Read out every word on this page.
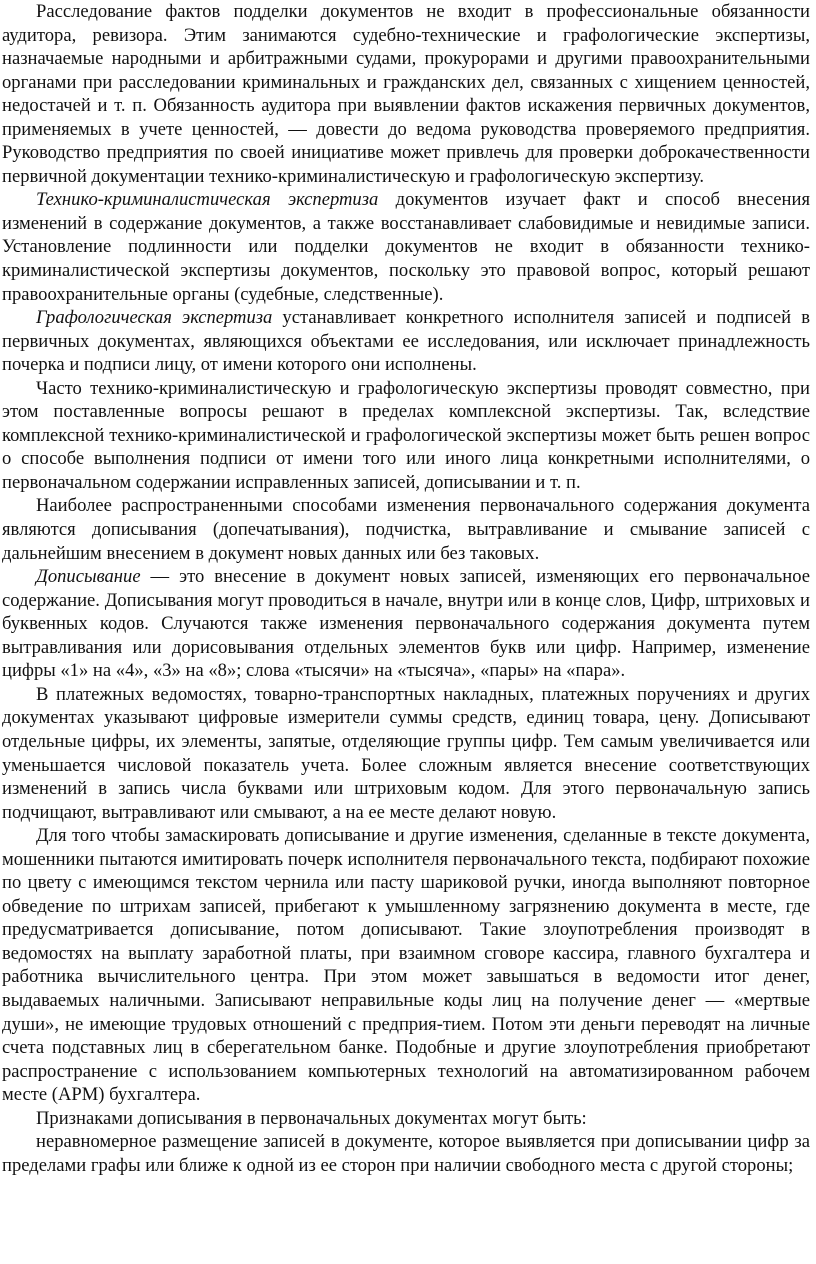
Расследование фактов подделки документов не входит в профессиональные обязанности аудитора, ревизора. Этим занимаются судебно-технические и графологические экспертизы, назначаемые народными и арбитражными судами, прокурорами и другими правоохранительными органами при расследовании криминальных и гражданских дел, связанных с хищением ценностей, недостачей и т. п. Обязанность аудитора при выявлении фактов искажения первичных документов, применяемых в учете ценностей, — довести до ведома руководства проверяемого предприятия. Руководство предприятия по своей инициативе может привлечь для проверки доброкачественности первичной документации технико-криминалистическую и графологическую экспертизу.

Технико-криминалистическая экспертиза документов изучает факт и способ внесения изменений в содержание документов, а также восстанавливает слабовидимые и невидимые записи. Установление подлинности или подделки документов не входит в обязанности технико-криминалистической экспертизы документов, поскольку это правовой вопрос, который решают правоохранительные органы (судебные, следственные).

Графологическая экспертиза устанавливает конкретного исполнителя записей и подписей в первичных документах, являющихся объектами ее исследования, или исключает принадлежность почерка и подписи лицу, от имени которого они исполнены.

Часто технико-криминалистическую и графологическую экспертизы проводят совместно, при этом поставленные вопросы решают в пределах комплексной экспертизы. Так, вследствие комплексной технико-криминалистической и графологической экспертизы может быть решен вопрос о способе выполнения подписи от имени того или иного лица конкретными исполнителями, о первоначальном содержании исправленных записей, дописывании и т. п.

Наиболее распространенными способами изменения первоначального содержания документа являются дописывания (допечатывания), подчистка, вытравливание и смывание записей с дальнейшим внесением в документ новых данных или без таковых.

Дописывание — это внесение в документ новых записей, изменяющих его первоначальное содержание. Дописывания могут проводиться в начале, внутри или в конце слов, Цифр, штриховых и буквенных кодов. Случаются также изменения первоначального содержания документа путем вытравливания или дорисовывания отдельных элементов букв или цифр. Например, изменение цифры «1» на «4», «3» на «8»; слова «тысячи» на «тысяча», «пары» на «пара».

В платежных ведомостях, товарно-транспортных накладных, платежных поручениях и других документах указывают цифровые измерители суммы средств, единиц товара, цену. Дописывают отдельные цифры, их элементы, запятые, отделяющие группы цифр. Тем самым увеличивается или уменьшается числовой показатель учета. Более сложным является внесение соответствующих изменений в запись числа буквами или штриховым кодом. Для этого первоначальную запись подчищают, вытравливают или смывают, а на ее месте делают новую.

Для того чтобы замаскировать дописывание и другие изменения, сделанные в тексте документа, мошенники пытаются имитировать почерк исполнителя первоначального текста, подбирают похожие по цвету с имеющимся текстом чернила или пасту шариковой ручки, иногда выполняют повторное обведение по штрихам записей, прибегают к умышленному загрязнению документа в месте, где предусматривается дописывание, потом дописывают. Такие злоупотребления производят в ведомостях на выплату заработной платы, при взаимном сговоре кассира, главного бухгалтера и работника вычислительного центра. При этом может завышаться в ведомости итог денег, выдаваемых наличными. Записывают неправильные коды лиц на получение денег — «мертвые души», не имеющие трудовых отношений с предприя-тием. Потом эти деньги переводят на личные счета подставных лиц в сберегательном банке. Подобные и другие злоупотребления приобретают распространение с использованием компьютерных технологий на автоматизированном рабочем месте (АРМ) бухгалтера.

Признаками дописывания в первоначальных документах могут быть:

неравномерное размещение записей в документе, которое выявляется при дописывании цифр за пределами графы или ближе к одной из ее сторон при наличии свободного места с другой стороны;
